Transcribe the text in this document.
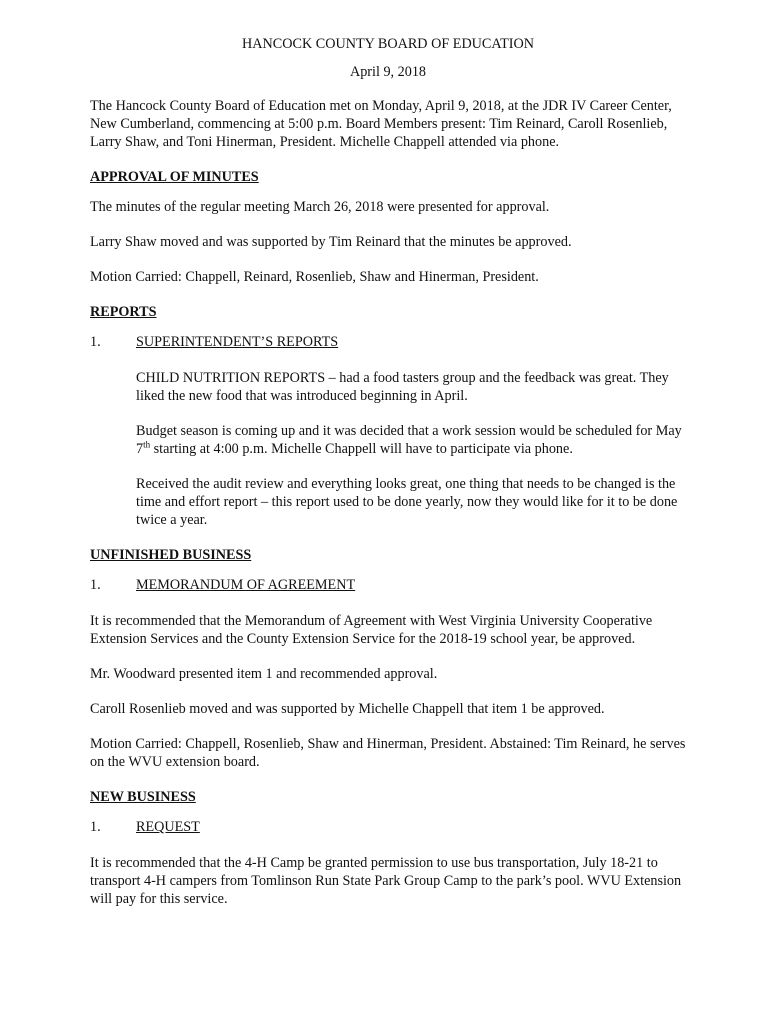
HANCOCK COUNTY BOARD OF EDUCATION

April 9, 2018

The Hancock County Board of Education met on Monday, April 9, 2018, at the JDR IV Career Center, New Cumberland, commencing at 5:00 p.m. Board Members present: Tim Reinard, Caroll Rosenlieb, Larry Shaw, and Toni Hinerman, President. Michelle Chappell attended via phone.

APPROVAL OF MINUTES

The minutes of the regular meeting March 26, 2018 were presented for approval.

Larry Shaw moved and was supported by Tim Reinard that the minutes be approved.

Motion Carried: Chappell, Reinard, Rosenlieb, Shaw and Hinerman, President.

REPORTS

1.	SUPERINTENDENT’S REPORTS

CHILD NUTRITION REPORTS – had a food tasters group and the feedback was great. They liked the new food that was introduced beginning in April.

Budget season is coming up and it was decided that a work session would be scheduled for May 7th starting at 4:00 p.m. Michelle Chappell will have to participate via phone.

Received the audit review and everything looks great, one thing that needs to be changed is the time and effort report – this report used to be done yearly, now they would like for it to be done twice a year.

UNFINISHED BUSINESS

1.	MEMORANDUM OF AGREEMENT

It is recommended that the Memorandum of Agreement with West Virginia University Cooperative Extension Services and the County Extension Service for the 2018-19 school year, be approved.

Mr. Woodward presented item 1 and recommended approval.

Caroll Rosenlieb moved and was supported by Michelle Chappell that item 1 be approved.

Motion Carried: Chappell, Rosenlieb, Shaw and Hinerman, President. Abstained: Tim Reinard, he serves on the WVU extension board.

NEW BUSINESS

1.	REQUEST

It is recommended that the 4-H Camp be granted permission to use bus transportation, July 18-21 to transport 4-H campers from Tomlinson Run State Park Group Camp to the park’s pool. WVU Extension will pay for this service.
